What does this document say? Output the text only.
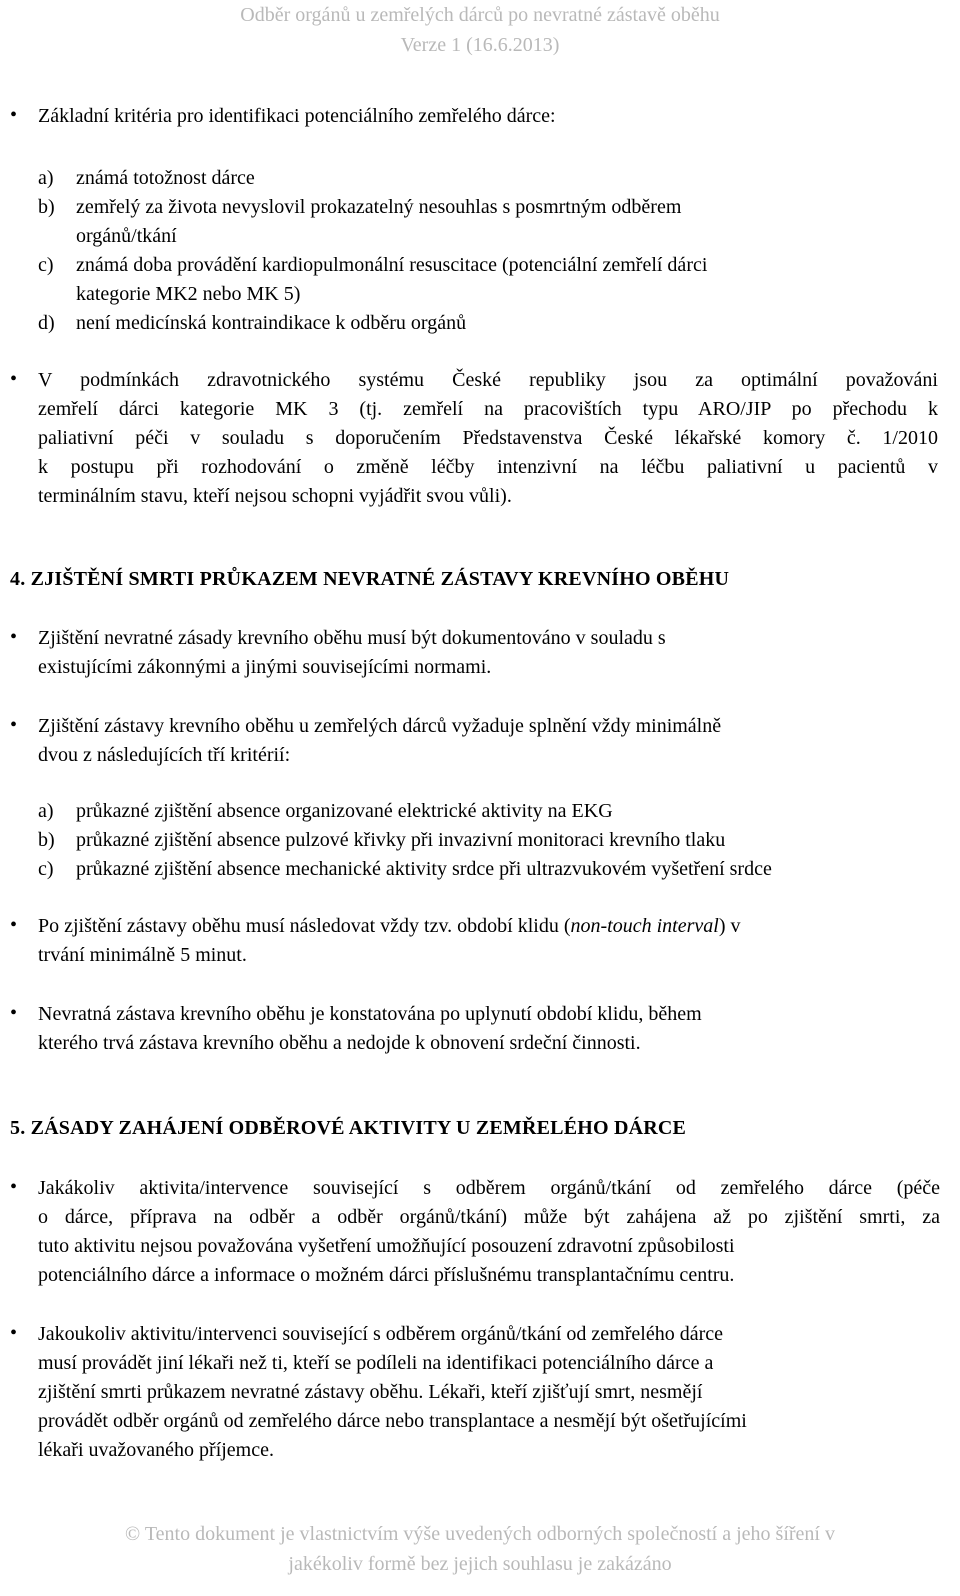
Odběr orgánů u zemřelých dárců po nevratné zástavě oběhu
Verze 1 (16.6.2013)
•
Základní kritéria pro identifikaci potenciálního zemřelého dárce:
a) známá totožnost dárce
b) zemřelý za života nevyslovil prokazatelný nesouhlas s posmrtným odběrem
orgánů/tkání
c) známá doba provádění kardiopulmonální resuscitace (potenciální zemřelí dárci
kategorie MK2 nebo MK 5)
d) není medicínská kontraindikace k odběru orgánů
•
V podmínkách zdravotnického systému České republiky jsou za optimální považováni
zemřelí dárci kategorie MK 3 (tj. zemřelí na pracovištích typu ARO/JIP po přechodu k
paliativní péči v souladu s doporučením Představenstva České lékařské komory č. 1/2010
k postupu při rozhodování o změně léčby intenzivní na léčbu paliativní u pacientů v
terminálním stavu, kteří nejsou schopni vyjádřit svou vůli).
4. ZJIŠTĚNÍ SMRTI PRŮKAZEM NEVRATNÉ ZÁSTAVY KREVNÍHO OBĚHU
•
Zjištění nevratné zásady krevního oběhu musí být dokumentováno v souladu s
existujícími zákonnými a jinými souvisejícími normami.
•
Zjištění zástavy krevního oběhu u zemřelých dárců vyžaduje splnění vždy minimálně
dvou z následujících tří kritérií:
a) průkazné zjištění absence organizované elektrické aktivity na EKG
b) průkazné zjištění absence pulzové křivky při invazivní monitoraci krevního tlaku
c) průkazné zjištění absence mechanické aktivity srdce při ultrazvukovém vyšetření srdce
•
Po zjištění zástavy oběhu musí následovat vždy tzv. období klidu (non-touch interval) v
trvání minimálně 5 minut.
•
Nevratná zástava krevního oběhu je konstatována po uplynutí období klidu, během
kterého trvá zástava krevního oběhu a nedojde k obnovení srdeční činnosti.
5. ZÁSADY ZAHÁJENÍ ODBĚROVÉ AKTIVITY U ZEMŘELÉHO DÁRCE
•
Jakákoliv aktivita/intervence související s odběrem orgánů/tkání od zemřelého dárce (péče
o dárce, příprava na odběr a odběr orgánů/tkání) může být zahájena až po zjištění smrti, za
tuto aktivitu nejsou považována vyšetření umožňující posouzení zdravotní způsobilosti
potenciálního dárce a informace o možném dárci příslušnému transplantačnímu centru.
•
Jakoukoliv aktivitu/intervenci související s odběrem orgánů/tkání od zemřelého dárce
musí provádět jiní lékaři než ti, kteří se podíleli na identifikaci potenciálního dárce a
zjištění smrti průkazem nevratné zástavy oběhu. Lékaři, kteří zjišťují smrt, nesmějí
provádět odběr orgánů od zemřelého dárce nebo transplantace a nesmějí být ošetřujícími
lékaři uvažovaného příjemce.
© Tento dokument je vlastnictvím výše uvedených odborných společností a jeho šíření v
jakékoliv formě bez jejich souhlasu je zakázáno
